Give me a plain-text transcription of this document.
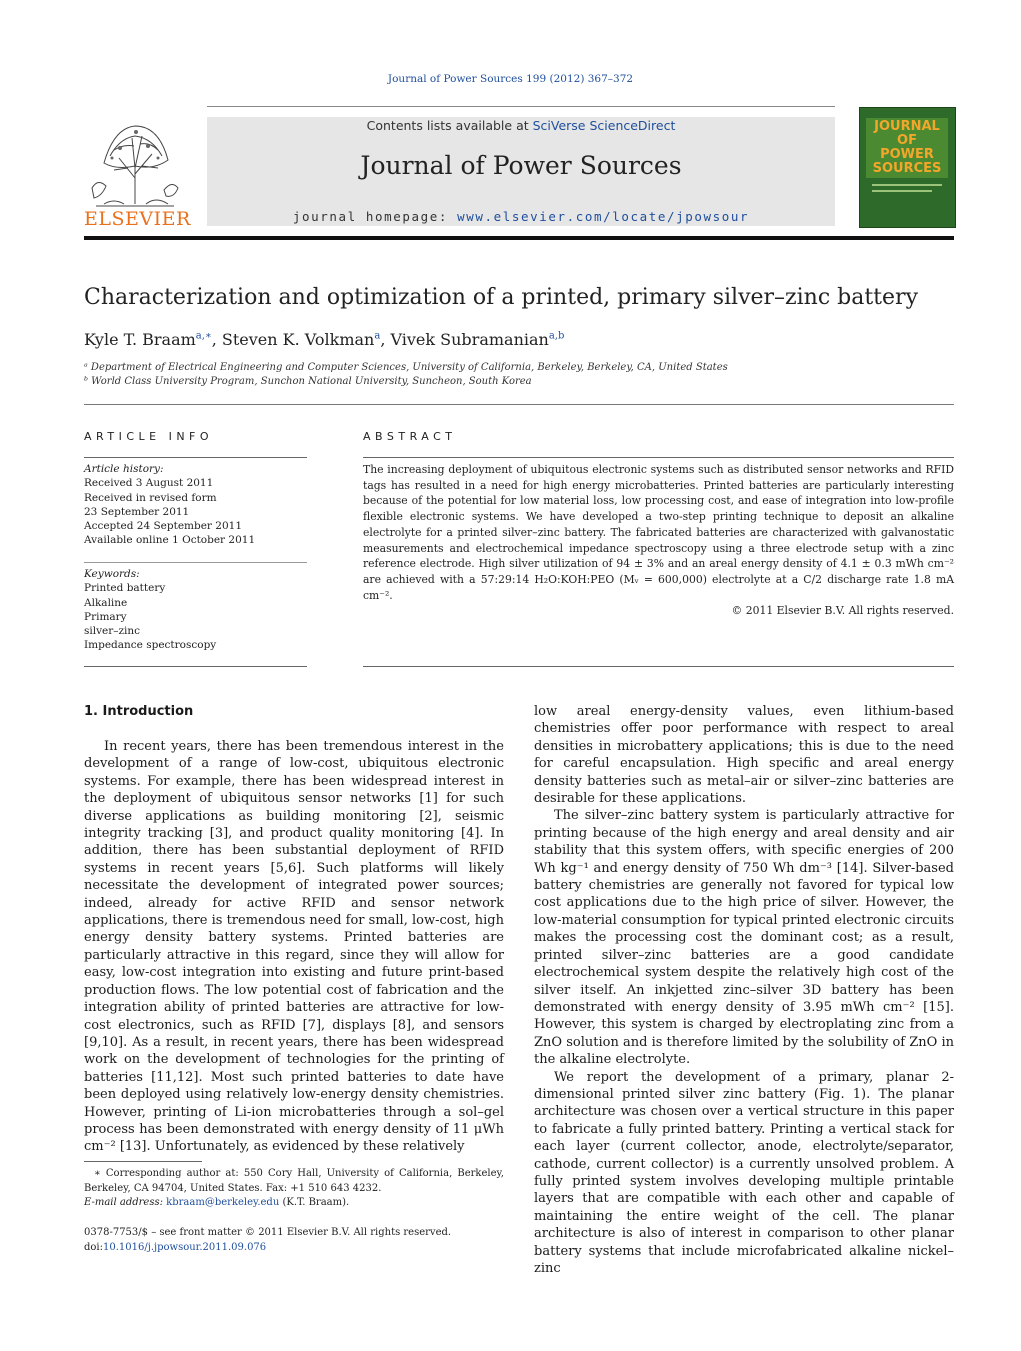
Journal of Power Sources 199 (2012) 367–372
ELSEVIER
Contents lists available at SciVerse ScienceDirect
Journal of Power Sources
journal homepage: www.elsevier.com/locate/jpowsour
JOURNAL OF POWER SOURCES
Characterization and optimization of a printed, primary silver–zinc battery
Kyle T. Braam$^{a,∗}$, Steven K. Volkman$^a$, Vivek Subramanian$^{a,b}$
ᵃ Department of Electrical Engineering and Computer Sciences, University of California, Berkeley, Berkeley, CA, United States
ᵇ World Class University Program, Sunchon National University, Suncheon, South Korea
ARTICLE INFO
Article history:
Received 3 August 2011
Received in revised form
23 September 2011
Accepted 24 September 2011
Available online 1 October 2011
Keywords:
Printed battery
Alkaline
Primary
silver–zinc
Impedance spectroscopy
ABSTRACT
The increasing deployment of ubiquitous electronic systems such as distributed sensor networks and RFID tags has resulted in a need for high energy microbatteries. Printed batteries are particularly interesting because of the potential for low material loss, low processing cost, and ease of integration into low-profile flexible electronic systems. We have developed a two-step printing technique to deposit an alkaline electrolyte for a printed silver–zinc battery. The fabricated batteries are characterized with galvanostatic measurements and electrochemical impedance spectroscopy using a three electrode setup with a zinc reference electrode. High silver utilization of 94 ± 3% and an areal energy density of 4.1 ± 0.3 mWh cm⁻² are achieved with a 57:29:14 H₂O:KOH:PEO (Mᵥ = 600,000) electrolyte at a C/2 discharge rate 1.8 mA cm⁻².
© 2011 Elsevier B.V. All rights reserved.
1. Introduction

In recent years, there has been tremendous interest in the development of a range of low-cost, ubiquitous electronic systems. For example, there has been widespread interest in the deployment of ubiquitous sensor networks [1] for such diverse applications as building monitoring [2], seismic integrity tracking [3], and product quality monitoring [4]. In addition, there has been substantial deployment of RFID systems in recent years [5,6]. Such platforms will likely necessitate the development of integrated power sources; indeed, already for active RFID and sensor network applications, there is tremendous need for small, low-cost, high energy density battery systems. Printed batteries are particularly attractive in this regard, since they will allow for easy, low-cost integration into existing and future print-based production flows. The low potential cost of fabrication and the integration ability of printed batteries are attractive for low-cost electronics, such as RFID [7], displays [8], and sensors [9,10]. As a result, in recent years, there has been widespread work on the development of technologies for the printing of batteries [11,12]. Most such printed batteries to date have been deployed using relatively low-energy density chemistries. However, printing of Li-ion microbatteries through a sol–gel process has been demonstrated with energy density of 11 μWh cm⁻² [13]. Unfortunately, as evidenced by these relatively

low areal energy-density values, even lithium-based chemistries offer poor performance with respect to areal densities in microbattery applications; this is due to the need for careful encapsulation. High specific and areal energy density batteries such as metal–air or silver–zinc batteries are desirable for these applications.

The silver–zinc battery system is particularly attractive for printing because of the high energy and areal density and air stability that this system offers, with specific energies of 200 Wh kg⁻¹ and energy density of 750 Wh dm⁻³ [14]. Silver-based battery chemistries are generally not favored for typical low cost applications due to the high price of silver. However, the low-material consumption for typical printed electronic circuits makes the processing cost the dominant cost; as a result, printed silver–zinc batteries are a good candidate electrochemical system despite the relatively high cost of the silver itself. An inkjetted zinc–silver 3D battery has been demonstrated with energy density of 3.95 mWh cm⁻² [15]. However, this system is charged by electroplating zinc from a ZnO solution and is therefore limited by the solubility of ZnO in the alkaline electrolyte.

We report the development of a primary, planar 2-dimensional printed silver zinc battery (Fig. 1). The planar architecture was chosen over a vertical structure in this paper to fabricate a fully printed battery. Printing a vertical stack for each layer (current collector, anode, electrolyte/separator, cathode, current collector) is a currently unsolved problem. A fully printed system involves developing multiple printable layers that are compatible with each other and capable of maintaining the entire weight of the cell. The planar architecture is also of interest in comparison to other planar battery systems that include microfabricated alkaline nickel–zinc

∗ Corresponding author at: 550 Cory Hall, University of California, Berkeley, Berkeley, CA 94704, United States. Fax: +1 510 643 4232.
E-mail address: kbraam@berkeley.edu (K.T. Braam).
0378-7753/$ – see front matter © 2011 Elsevier B.V. All rights reserved.
doi:10.1016/j.jpowsour.2011.09.076
